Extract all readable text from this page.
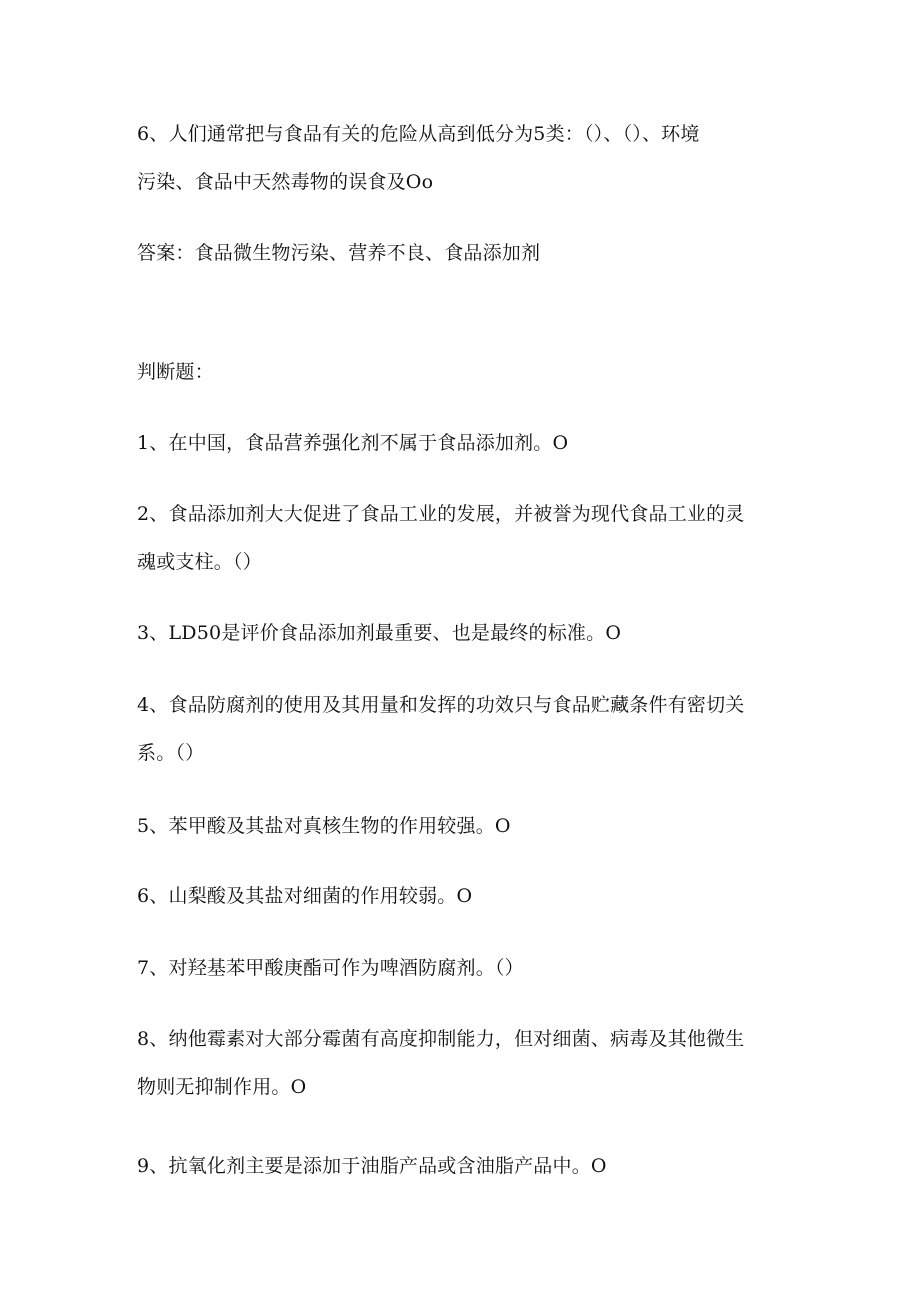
6、人们通常把与食品有关的危险从高到低分为5类：（）、（）、环境
污染、食品中天然毒物的误食及Oo
答案：食品微生物污染、营养不良、食品添加剂
判断题：
1、在中国，食品营养强化剂不属于食品添加剂。O
2、食品添加剂大大促进了食品工业的发展，并被誉为现代食品工业的灵
魂或支柱。（）
3、LD50是评价食品添加剂最重要、也是最终的标准。O
4、食品防腐剂的使用及其用量和发挥的功效只与食品贮藏条件有密切关
系。（）
5、苯甲酸及其盐对真核生物的作用较强。O
6、山梨酸及其盐对细菌的作用较弱。O
7、对羟基苯甲酸庚酯可作为啤酒防腐剂。（）
8、纳他霉素对大部分霉菌有高度抑制能力，但对细菌、病毒及其他微生
物则无抑制作用。O
9、抗氧化剂主要是添加于油脂产品或含油脂产品中。O
